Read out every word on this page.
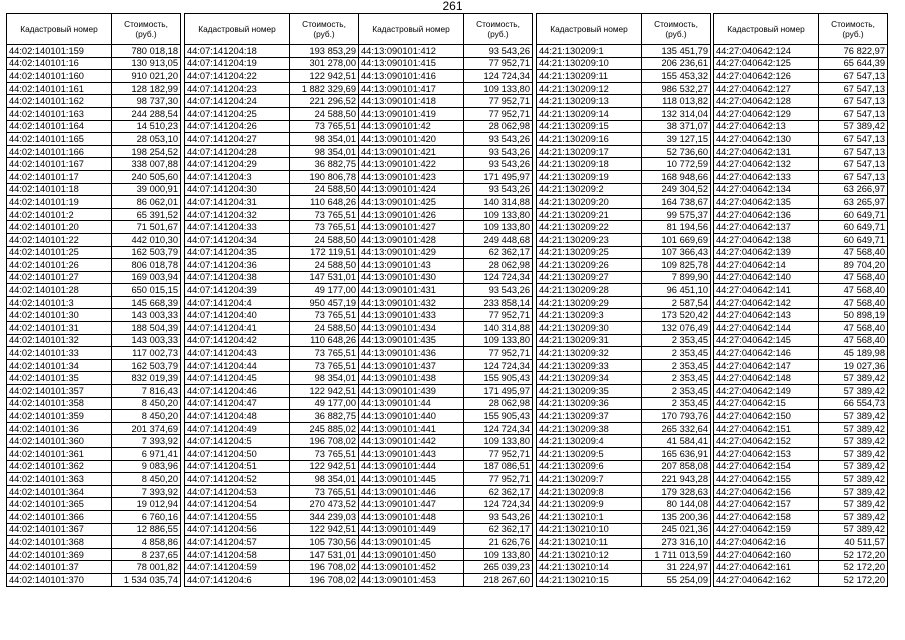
261
Кадастровый номер	Стоимость, (руб.)
44:02:140101:159	780 018,18
44:02:140101:16	130 913,05
44:02:140101:160	910 021,20
44:02:140101:161	128 182,99
44:02:140101:162	98 737,30
44:02:140101:163	244 288,54
44:02:140101:164	14 510,23
44:02:140101:165	28 053,10
44:02:140101:166	198 254,52
44:02:140101:167	338 007,88
44:02:140101:17	240 505,60
44:02:140101:18	39 000,91
44:02:140101:19	86 062,01
44:02:140101:2	65 391,52
44:02:140101:20	71 501,67
44:02:140101:22	442 010,30
44:02:140101:25	162 503,79
44:02:140101:26	806 018,78
44:02:140101:27	169 003,94
44:02:140101:28	650 015,15
44:02:140101:3	145 668,39
44:02:140101:30	143 003,33
44:02:140101:31	188 504,39
44:02:140101:32	143 003,33
44:02:140101:33	117 002,73
44:02:140101:34	162 503,79
44:02:140101:35	832 019,39
44:02:140101:357	7 816,43
44:02:140101:358	8 450,20
44:02:140101:359	8 450,20
44:02:140101:36	201 374,69
44:02:140101:360	7 393,92
44:02:140101:361	6 971,41
44:02:140101:362	9 083,96
44:02:140101:363	8 450,20
44:02:140101:364	7 393,92
44:02:140101:365	19 012,94
44:02:140101:366	6 760,16
44:02:140101:367	12 886,55
44:02:140101:368	4 858,86
44:02:140101:369	8 237,65
44:02:140101:37	78 001,82
44:02:140101:370	1 534 035,74
Кадастровый номер	Стоимость, (руб.)
44:07:141204:18	193 853,29
44:07:141204:19	301 278,00
44:07:141204:22	122 942,51
44:07:141204:23	1 882 329,69
44:07:141204:24	221 296,52
44:07:141204:25	24 588,50
44:07:141204:26	73 765,51
44:07:141204:27	98 354,01
44:07:141204:28	98 354,01
44:07:141204:29	36 882,75
44:07:141204:3	190 806,78
44:07:141204:30	24 588,50
44:07:141204:31	110 648,26
44:07:141204:32	73 765,51
44:07:141204:33	73 765,51
44:07:141204:34	24 588,50
44:07:141204:35	172 119,51
44:07:141204:36	24 588,50
44:07:141204:38	147 531,01
44:07:141204:39	49 177,00
44:07:141204:4	950 457,19
44:07:141204:40	73 765,51
44:07:141204:41	24 588,50
44:07:141204:42	110 648,26
44:07:141204:43	73 765,51
44:07:141204:44	73 765,51
44:07:141204:45	98 354,01
44:07:141204:46	122 942,51
44:07:141204:47	49 177,00
44:07:141204:48	36 882,75
44:07:141204:49	245 885,02
44:07:141204:5	196 708,02
44:07:141204:50	73 765,51
44:07:141204:51	122 942,51
44:07:141204:52	98 354,01
44:07:141204:53	73 765,51
44:07:141204:54	270 473,52
44:07:141204:55	344 239,03
44:07:141204:56	122 942,51
44:07:141204:57	105 730,56
44:07:141204:58	147 531,01
44:07:141204:59	196 708,02
44:07:141204:6	196 708,02
Кадастровый номер	Стоимость, (руб.)
44:13:090101:412	93 543,26
44:13:090101:415	77 952,71
44:13:090101:416	124 724,34
44:13:090101:417	109 133,80
44:13:090101:418	77 952,71
44:13:090101:419	77 952,71
44:13:090101:42	28 062,98
44:13:090101:420	93 543,26
44:13:090101:421	93 543,26
44:13:090101:422	93 543,26
44:13:090101:423	171 495,97
44:13:090101:424	93 543,26
44:13:090101:425	140 314,88
44:13:090101:426	109 133,80
44:13:090101:427	109 133,80
44:13:090101:428	249 448,68
44:13:090101:429	62 362,17
44:13:090101:43	28 062,98
44:13:090101:430	124 724,34
44:13:090101:431	93 543,26
44:13:090101:432	233 858,14
44:13:090101:433	77 952,71
44:13:090101:434	140 314,88
44:13:090101:435	109 133,80
44:13:090101:436	77 952,71
44:13:090101:437	124 724,34
44:13:090101:438	155 905,43
44:13:090101:439	171 495,97
44:13:090101:44	28 062,98
44:13:090101:440	155 905,43
44:13:090101:441	124 724,34
44:13:090101:442	109 133,80
44:13:090101:443	77 952,71
44:13:090101:444	187 086,51
44:13:090101:445	77 952,71
44:13:090101:446	62 362,17
44:13:090101:447	124 724,34
44:13:090101:448	93 543,26
44:13:090101:449	62 362,17
44:13:090101:45	21 626,76
44:13:090101:450	109 133,80
44:13:090101:452	265 039,23
44:13:090101:453	218 267,60
Кадастровый номер	Стоимость, (руб.)
44:21:130209:1	135 451,79
44:21:130209:10	206 236,61
44:21:130209:11	155 453,32
44:21:130209:12	986 532,27
44:21:130209:13	118 013,82
44:21:130209:14	132 314,04
44:21:130209:15	38 371,07
44:21:130209:16	39 127,15
44:21:130209:17	52 736,60
44:21:130209:18	10 772,59
44:21:130209:19	168 948,66
44:21:130209:2	249 304,52
44:21:130209:20	164 738,67
44:21:130209:21	99 575,37
44:21:130209:22	81 194,56
44:21:130209:23	101 669,69
44:21:130209:25	107 366,43
44:21:130209:26	109 825,78
44:21:130209:27	7 899,90
44:21:130209:28	96 451,10
44:21:130209:29	2 587,54
44:21:130209:3	173 520,42
44:21:130209:30	132 076,49
44:21:130209:31	2 353,45
44:21:130209:32	2 353,45
44:21:130209:33	2 353,45
44:21:130209:34	2 353,45
44:21:130209:35	2 353,45
44:21:130209:36	2 353,45
44:21:130209:37	170 793,76
44:21:130209:38	265 332,64
44:21:130209:4	41 584,41
44:21:130209:5	165 636,91
44:21:130209:6	207 858,08
44:21:130209:7	221 943,28
44:21:130209:8	179 328,63
44:21:130209:9	80 144,08
44:21:130210:1	135 200,36
44:21:130210:10	245 021,36
44:21:130210:11	273 316,10
44:21:130210:12	1 711 013,59
44:21:130210:14	31 224,97
44:21:130210:15	55 254,09
Кадастровый номер	Стоимость, (руб.)
44:27:040642:124	76 822,97
44:27:040642:125	65 644,39
44:27:040642:126	67 547,13
44:27:040642:127	67 547,13
44:27:040642:128	67 547,13
44:27:040642:129	67 547,13
44:27:040642:13	57 389,42
44:27:040642:130	67 547,13
44:27:040642:131	67 547,13
44:27:040642:132	67 547,13
44:27:040642:133	67 547,13
44:27:040642:134	63 266,97
44:27:040642:135	63 265,97
44:27:040642:136	60 649,71
44:27:040642:137	60 649,71
44:27:040642:138	60 649,71
44:27:040642:139	47 568,40
44:27:040642:14	89 704,20
44:27:040642:140	47 568,40
44:27:040642:141	47 568,40
44:27:040642:142	47 568,40
44:27:040642:143	50 898,19
44:27:040642:144	47 568,40
44:27:040642:145	47 568,40
44:27:040642:146	45 189,98
44:27:040642:147	19 027,36
44:27:040642:148	57 389,42
44:27:040642:149	57 389,42
44:27:040642:15	66 554,73
44:27:040642:150	57 389,42
44:27:040642:151	57 389,42
44:27:040642:152	57 389,42
44:27:040642:153	57 389,42
44:27:040642:154	57 389,42
44:27:040642:155	57 389,42
44:27:040642:156	57 389,42
44:27:040642:157	57 389,42
44:27:040642:158	57 389,42
44:27:040642:159	57 389,42
44:27:040642:16	40 511,57
44:27:040642:160	52 172,20
44:27:040642:161	52 172,20
44:27:040642:162	52 172,20
